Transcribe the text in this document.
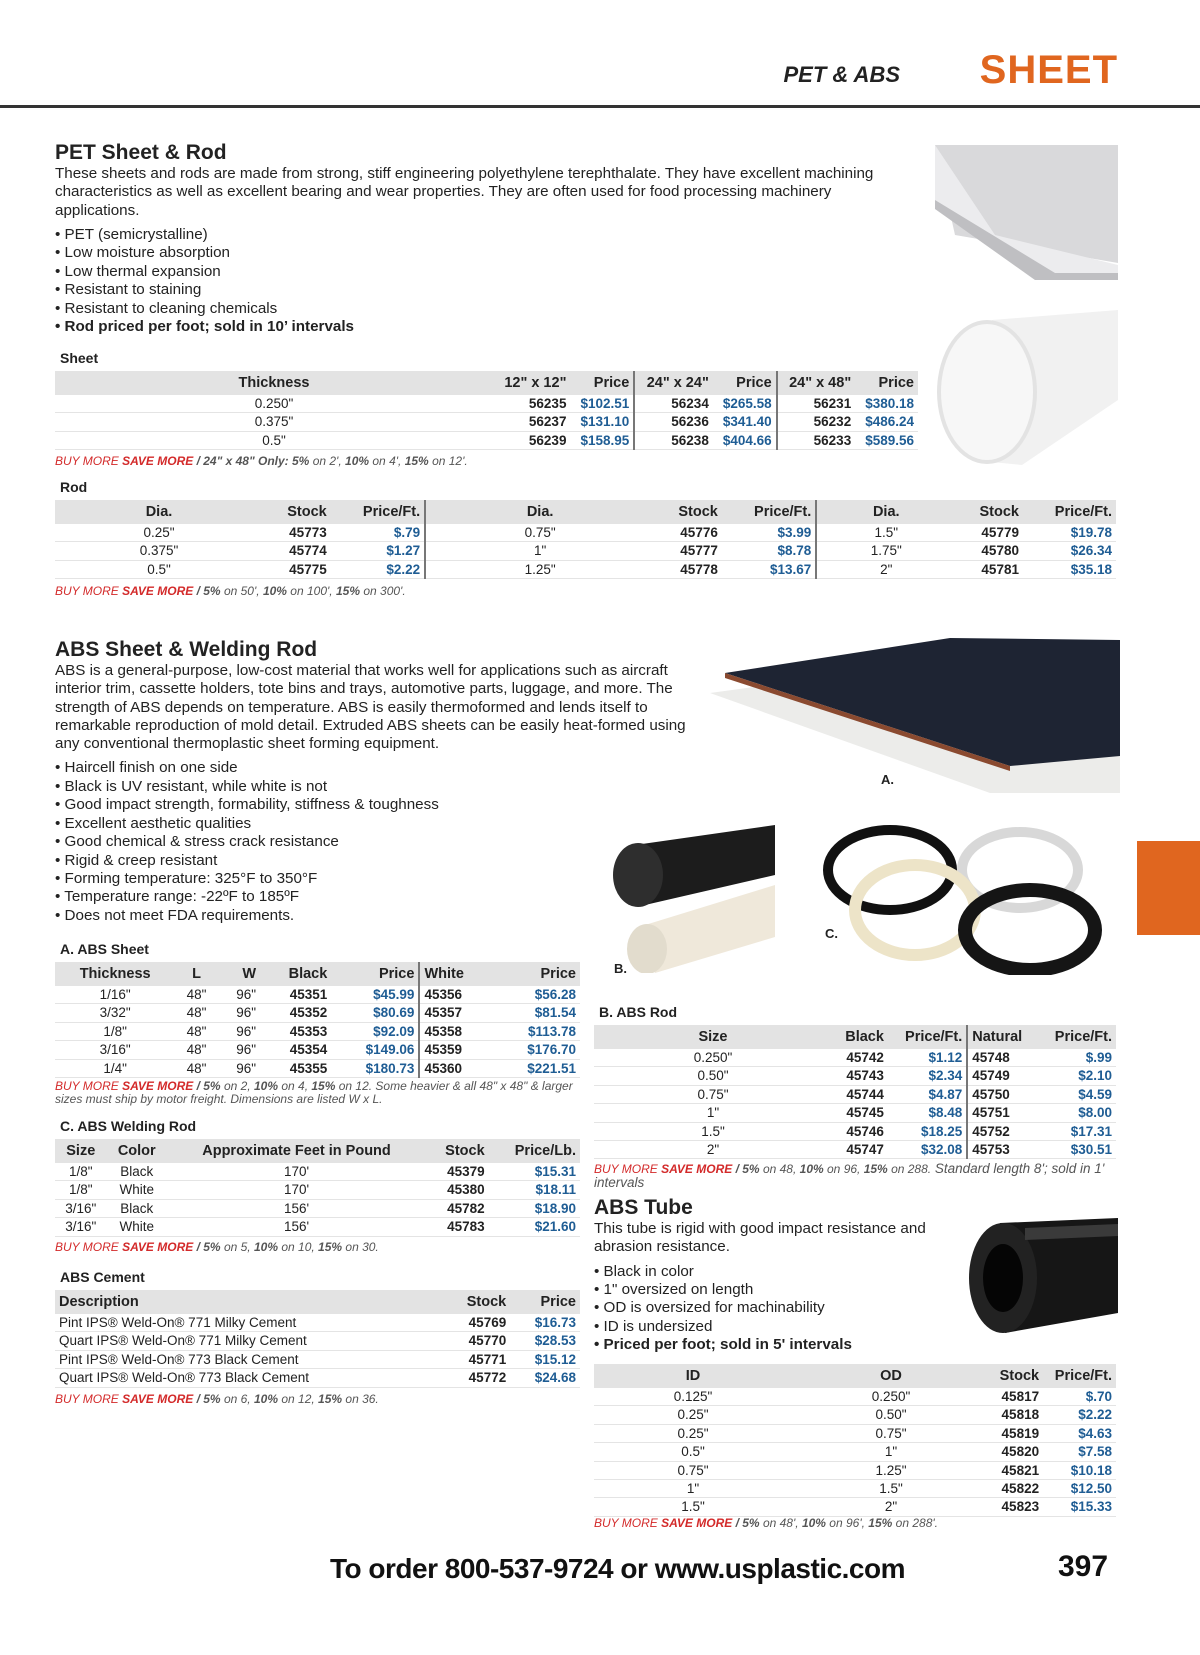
PET & ABS SHEET
PET Sheet & Rod

These sheets and rods are made from strong, stiff engineering polyethylene terephthalate. They have excellent machining characteristics as well as excellent bearing and wear properties. They are often used for food processing machinery applications.

• PET (semicrystalline)
• Low moisture absorption
• Low thermal expansion
• Resistant to staining
• Resistant to cleaning chemicals
• Rod priced per foot; sold in 10’ intervals
Sheet
Thickness	12" x 12"	Price	24" x 24"	Price	24" x 48"	Price
0.250"	56235	$102.51	56234	$265.58	56231	$380.18
0.375"	56237	$131.10	56236	$341.40	56232	$486.24
0.5"	56239	$158.95	56238	$404.66	56233	$589.56
BUY MORE SAVE MORE / 24" x 48" Only: 5% on 2', 10% on 4', 15% on 12'.
Rod
Dia.	Stock	Price/Ft.	Dia.	Stock	Price/Ft.	Dia.	Stock	Price/Ft.
0.25"	45773	$.79	0.75"	45776	$3.99	1.5"	45779	$19.78
0.375"	45774	$1.27	1"	45777	$8.78	1.75"	45780	$26.34
0.5"	45775	$2.22	1.25"	45778	$13.67	2"	45781	$35.18
BUY MORE SAVE MORE / 5% on 50', 10% on 100', 15% on 300'.
ABS Sheet & Welding Rod

ABS is a general-purpose, low-cost material that works well for applications such as aircraft interior trim, cassette holders, tote bins and trays, automotive parts, luggage, and more. The strength of ABS depends on temperature. ABS is easily thermoformed and lends itself to remarkable reproduction of mold detail. Extruded ABS sheets can be easily heat-formed using any conventional thermoplastic sheet forming equipment.

• Haircell finish on one side
• Black is UV resistant, while white is not
• Good impact strength, formability, stiffness & toughness
• Excellent aesthetic qualities
• Good chemical & stress crack resistance
• Rigid & creep resistant
• Forming temperature: 325°F to 350°F
• Temperature range: -22ºF to 185ºF
• Does not meet FDA requirements.
A.
B.
C.
A. ABS Sheet
Thickness	L	W	Black	Price	White	Price
1/16"	48"	96"	45351	$45.99	45356	$56.28
3/32"	48"	96"	45352	$80.69	45357	$81.54
1/8"	48"	96"	45353	$92.09	45358	$113.78
3/16"	48"	96"	45354	$149.06	45359	$176.70
1/4"	48"	96"	45355	$180.73	45360	$221.51
BUY MORE SAVE MORE / 5% on 2, 10% on 4, 15% on 12. Some heavier & all 48" x 48" & larger sizes must ship by motor freight. Dimensions are listed W x L.
C. ABS Welding Rod
Size	Color	Approximate Feet in Pound	Stock	Price/Lb.
1/8"	Black	170'	45379	$15.31
1/8"	White	170'	45380	$18.11
3/16"	Black	156'	45782	$18.90
3/16"	White	156'	45783	$21.60
BUY MORE SAVE MORE / 5% on 5, 10% on 10, 15% on 30.
ABS Cement
Description	Stock	Price
Pint IPS® Weld-On® 771 Milky Cement	45769	$16.73
Quart IPS® Weld-On® 771 Milky Cement	45770	$28.53
Pint IPS® Weld-On® 773 Black Cement	45771	$15.12
Quart IPS® Weld-On® 773 Black Cement	45772	$24.68
BUY MORE SAVE MORE / 5% on 6, 10% on 12, 15% on 36.
B. ABS Rod
Size	Black	Price/Ft.	Natural	Price/Ft.
0.250"	45742	$1.12	45748	$.99
0.50"	45743	$2.34	45749	$2.10
0.75"	45744	$4.87	45750	$4.59
1"	45745	$8.48	45751	$8.00
1.5"	45746	$18.25	45752	$17.31
2"	45747	$32.08	45753	$30.51
BUY MORE SAVE MORE / 5% on 48, 10% on 96, 15% on 288. Standard length 8'; sold in 1' intervals
ABS Tube

This tube is rigid with good impact resistance and abrasion resistance.

• Black in color
• 1" oversized on length
• OD is oversized for machinability
• ID is undersized
• Priced per foot; sold in 5' intervals
ID	OD	Stock	Price/Ft.
0.125"	0.250"	45817	$.70
0.25"	0.50"	45818	$2.22
0.25"	0.75"	45819	$4.63
0.5"	1"	45820	$7.58
0.75"	1.25"	45821	$10.18
1"	1.5"	45822	$12.50
1.5"	2"	45823	$15.33
BUY MORE SAVE MORE / 5% on 48', 10% on 96', 15% on 288'.
To order 800-537-9724 or www.usplastic.com	397
